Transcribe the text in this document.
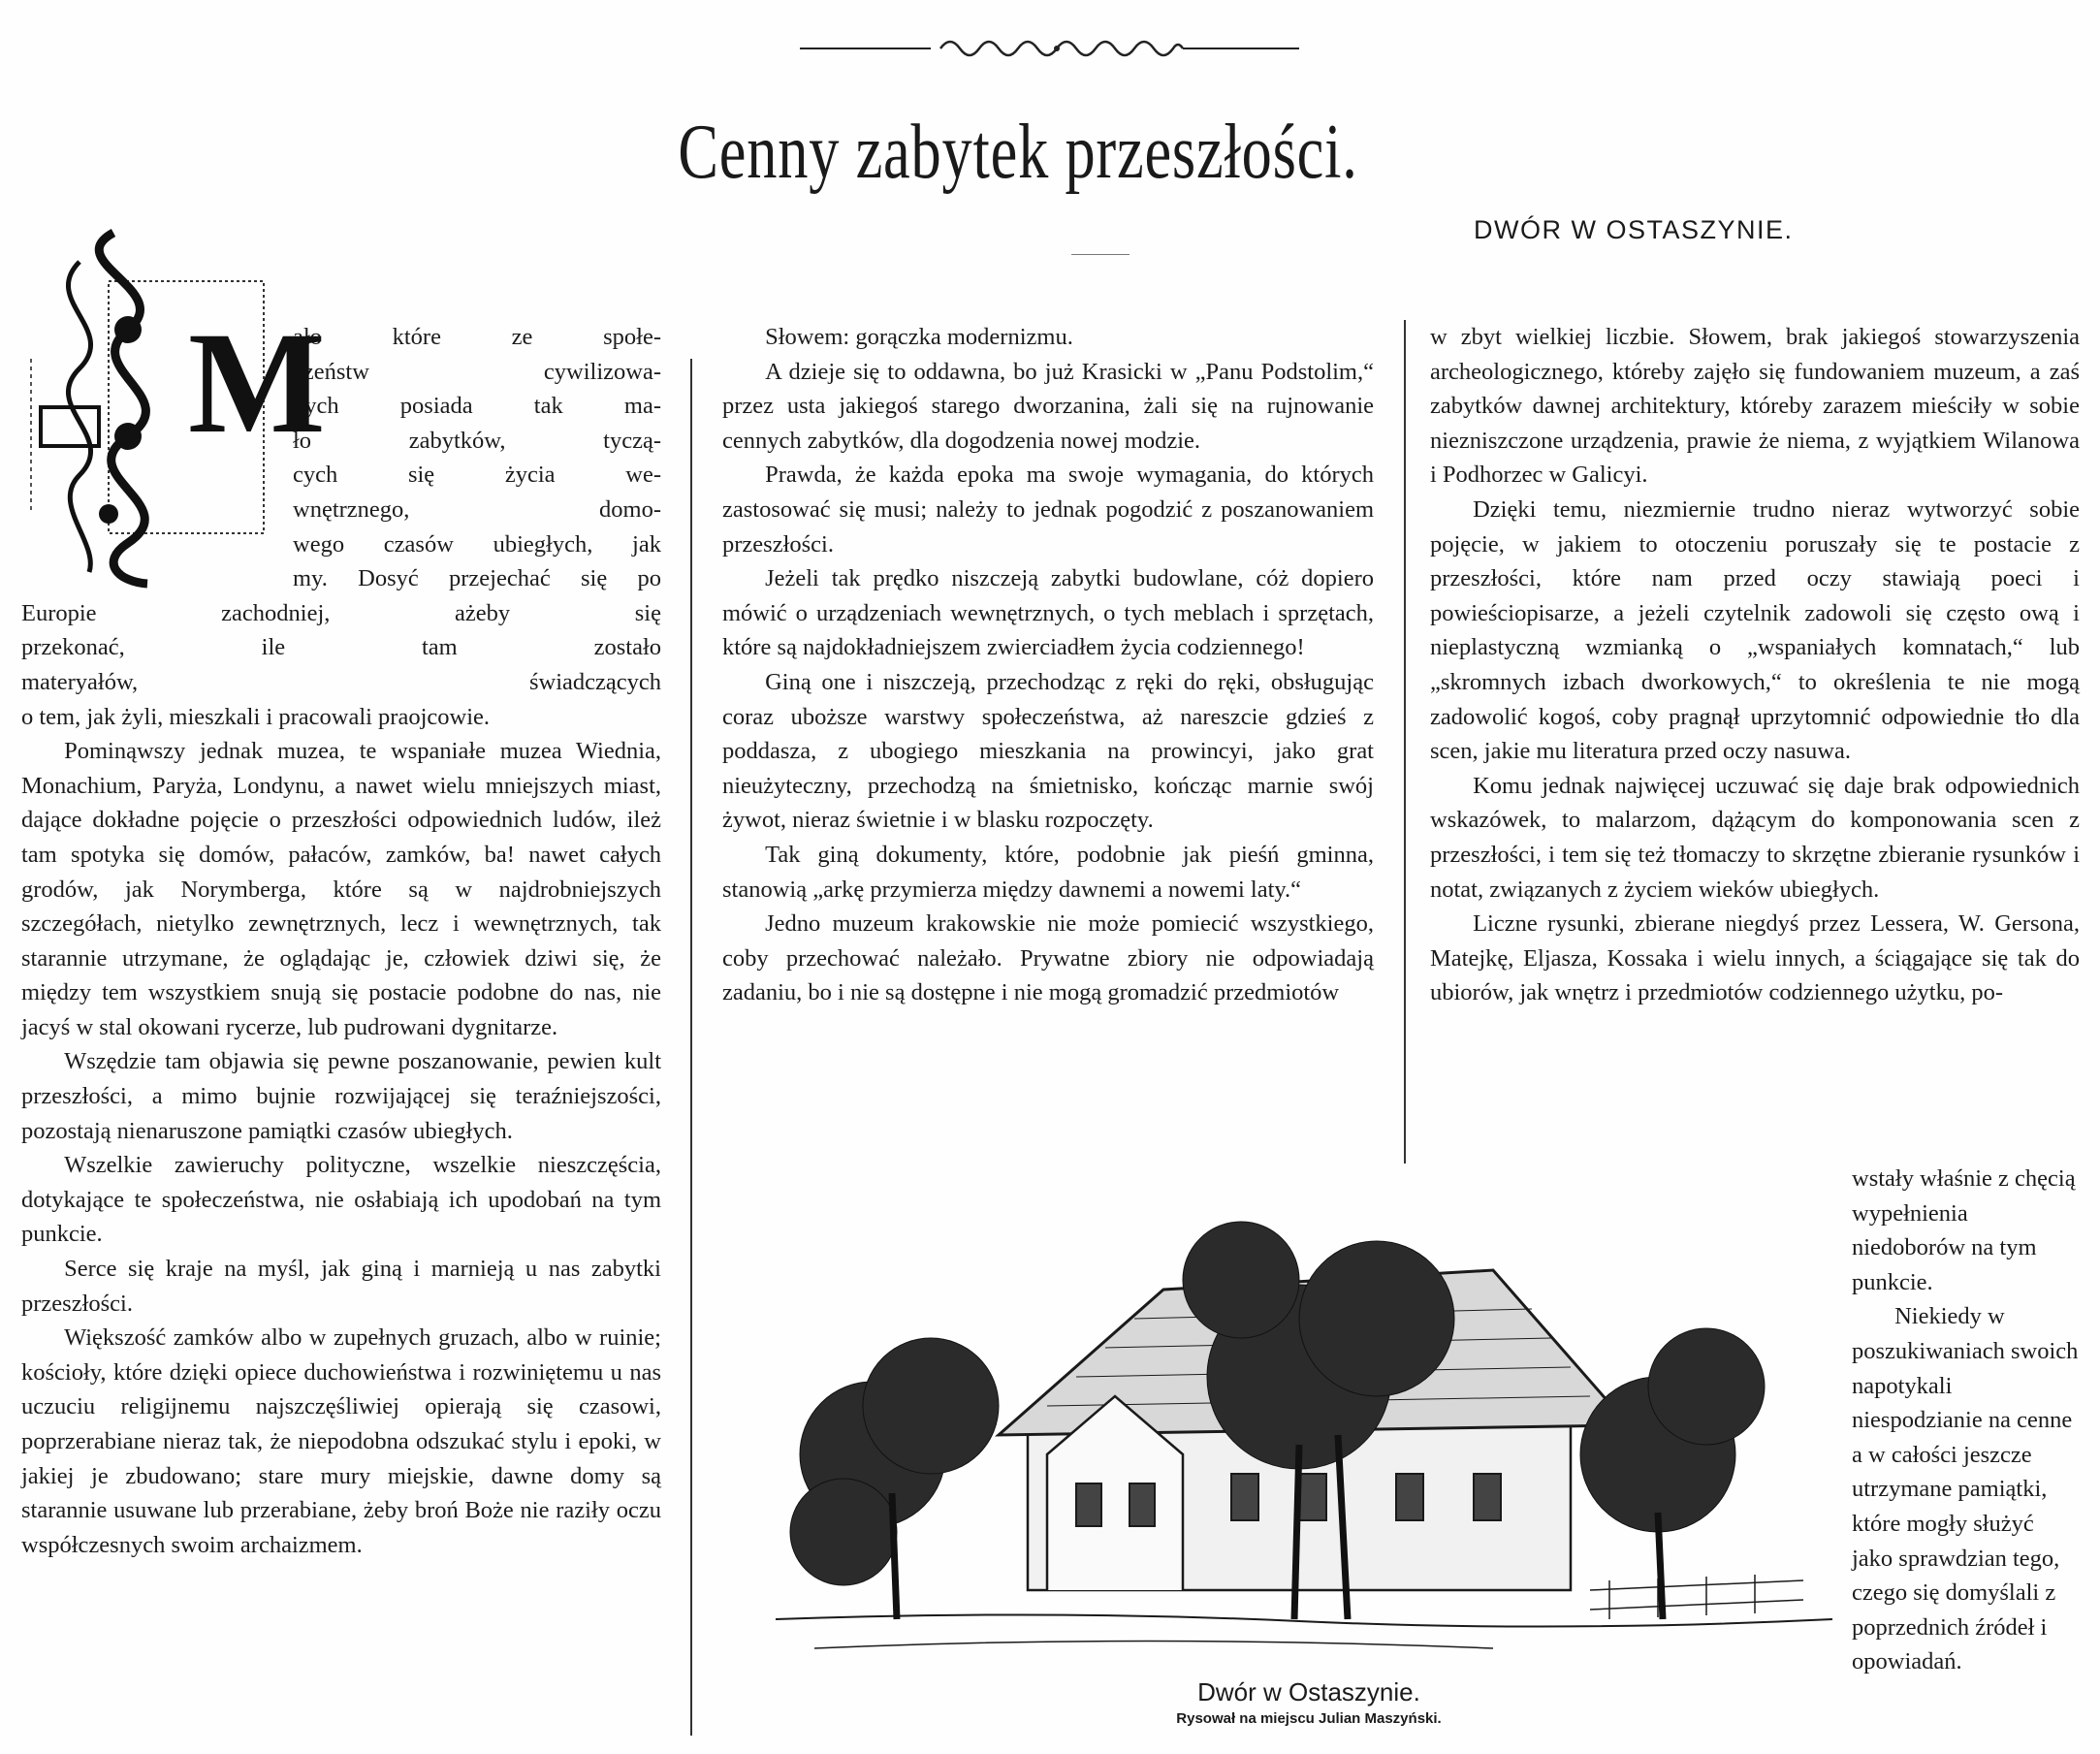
Cenny zabytek przeszłości.
DWÓR W OSTASZYNIE.
M
ało które ze społe-
czeństw cywilizowa-
nych posiada tak ma-
ło zabytków, tyczą-
cych się życia we-
wnętrznego, domo-
wego czasów ubiegłych, jak
my. Dosyć przejechać się po
Europie zachodniej, ażeby się
przekonać, ile tam zostało
materyałów, świadczących

o tem, jak żyli, mieszkali i pracowali praojcowie.

Pominąwszy jednak muzea, te wspaniałe muzea Wiednia, Monachium, Paryża, Londynu, a nawet wielu mniejszych miast, dające dokładne pojęcie o przeszłości odpowiednich ludów, ileż tam spotyka się domów, pałaców, zamków, ba! nawet całych grodów, jak Norymberga, które są w najdrobniejszych szczegółach, nietylko zewnętrznych, lecz i wewnętrznych, tak starannie utrzymane, że oglądając je, człowiek dziwi się, że między tem wszystkiem snują się postacie podobne do nas, nie jacyś w stal okowani rycerze, lub pudrowani dygnitarze.

Wszędzie tam objawia się pewne poszanowanie, pewien kult przeszłości, a mimo bujnie rozwijającej się teraźniejszości, pozostają nienaruszone pamiątki czasów ubiegłych.

Wszelkie zawieruchy polityczne, wszelkie nieszczęścia, dotykające te społeczeństwa, nie osłabiają ich upodobań na tym punkcie.

Serce się kraje na myśl, jak giną i marnieją u nas zabytki przeszłości.

Większość zamków albo w zupełnych gruzach, albo w ruinie; kościoły, które dzięki opiece duchowieństwa i rozwiniętemu u nas uczuciu religijnemu najszczęśliwiej opierają się czasowi, poprzerabiane nieraz tak, że niepodobna odszukać stylu i epoki, w jakiej je zbudowano; stare mury miejskie, dawne domy są starannie usuwane lub przerabiane, żeby broń Boże nie raziły oczu współczesnych swoim archaizmem.

Słowem: gorączka modernizmu.

A dzieje się to oddawna, bo już Krasicki w „Panu Podstolim,“ przez usta jakiegoś starego dworzanina, żali się na rujnowanie cennych zabytków, dla dogodzenia nowej modzie.

Prawda, że każda epoka ma swoje wymagania, do których zastosować się musi; należy to jednak pogodzić z poszanowaniem przeszłości.

Jeżeli tak prędko niszczeją zabytki budowlane, cóż dopiero mówić o urządzeniach wewnętrznych, o tych meblach i sprzętach, które są najdokładniejszem zwierciadłem życia codziennego!

Giną one i niszczeją, przechodząc z ręki do ręki, obsługując coraz uboższe warstwy społeczeństwa, aż nareszcie gdzieś z poddasza, z ubogiego mieszkania na prowincyi, jako grat nieużyteczny, przechodzą na śmietnisko, kończąc marnie swój żywot, nieraz świetnie i w blasku rozpoczęty.

Tak giną dokumenty, które, podobnie jak pieśń gminna, stanowią „arkę przymierza między dawnemi a nowemi laty.“

Jedno muzeum krakowskie nie może pomiecić wszystkiego, coby przechować należało. Prywatne zbiory nie odpowiadają zadaniu, bo i nie są dostępne i nie mogą gromadzić przedmiotów

w zbyt wielkiej liczbie. Słowem, brak jakiegoś stowarzyszenia archeologicznego, któreby zajęło się fundowaniem muzeum, a zaś zabytków dawnej architektury, któreby zarazem mieściły w sobie niezniszczone urządzenia, prawie że niema, z wyjątkiem Wilanowa i Podhorzec w Galicyi.

Dzięki temu, niezmiernie trudno nieraz wytworzyć sobie pojęcie, w jakiem to otoczeniu poruszały się te postacie z przeszłości, które nam przed oczy stawiają poeci i powieściopisarze, a jeżeli czytelnik zadowoli się często ową i nieplastyczną wzmianką o „wspaniałych komnatach,“ lub „skromnych izbach dworkowych,“ to określenia te nie mogą zadowolić kogoś, coby pragnął uprzytomnić odpowiednie tło dla scen, jakie mu literatura przed oczy nasuwa.

Komu jednak najwięcej uczuwać się daje brak odpowiednich wskazówek, to malarzom, dążącym do komponowania scen z przeszłości, i tem się też tłomaczy to skrzętne zbieranie rysunków i notat, związanych z życiem wieków ubiegłych.

Liczne rysunki, zbierane niegdyś przez Lessera, W. Gersona, Matejkę, Eljasza, Kossaka i wielu innych, a ściągające się tak do ubiorów, jak wnętrz i przedmiotów codziennego użytku, po-

wstały właśnie z chęcią wypełnienia niedoborów na tym punkcie.

Niekiedy w poszukiwaniach swoich napotykali niespodzianie na cenne a w całości jeszcze utrzymane pamiątki, które mogły służyć jako sprawdzian tego, czego się domyślali z poprzednich źródeł i opowiadań.

Dwór w Ostaszynie.
Rysował na miejscu Julian Maszyński.
